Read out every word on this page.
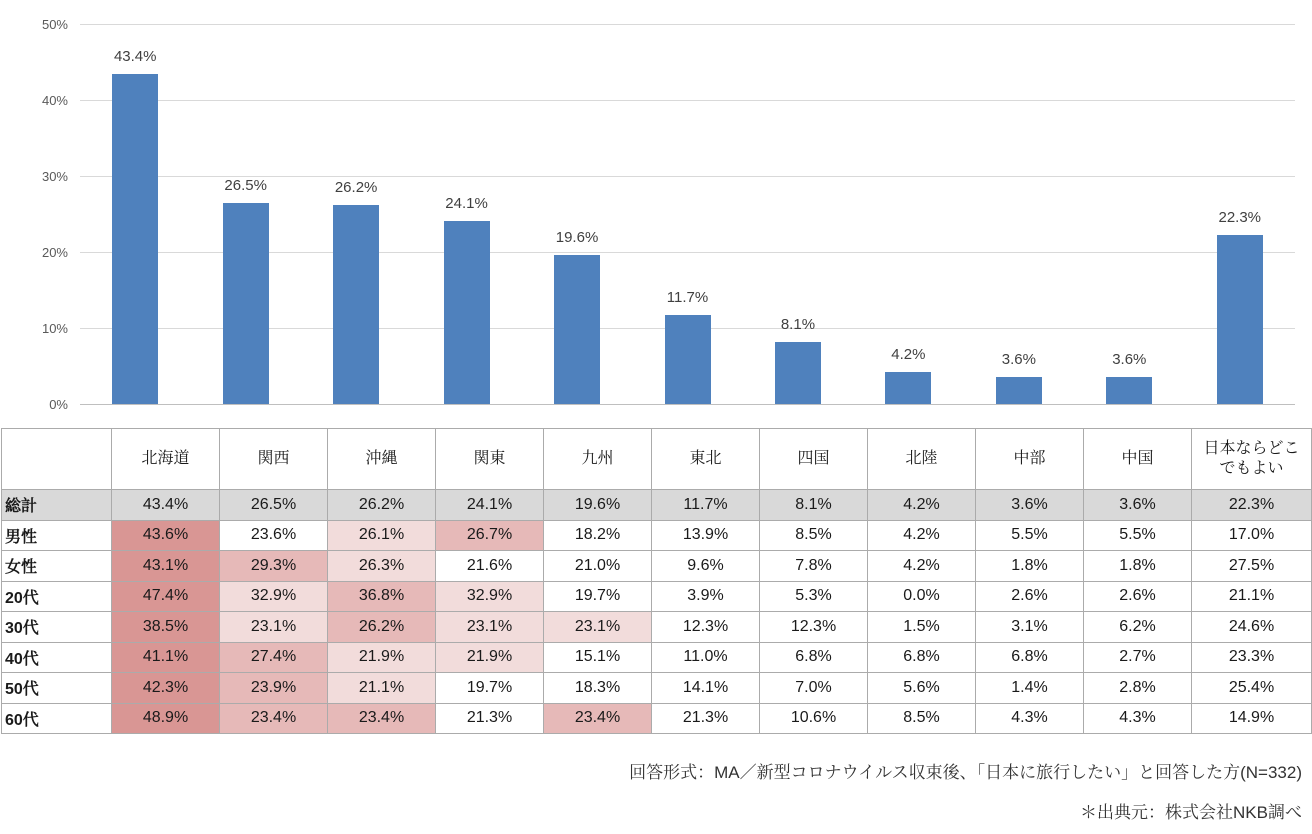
0%
10%
20%
30%
40%
50%
43.4%
26.5%	26.2%
24.1%
19.6%
11.7%
8.1%
4.2%	3.6%	3.6%
22.3%
	北海道	関西	沖縄	関東	九州	東北	四国	北陸	中部	中国	日本ならどこでもよい
総計	43.4%	26.5%	26.2%	24.1%	19.6%	11.7%	8.1%	4.2%	3.6%	3.6%	22.3%
男性	43.6%	23.6%	26.1%	26.7%	18.2%	13.9%	8.5%	4.2%	5.5%	5.5%	17.0%
女性	43.1%	29.3%	26.3%	21.6%	21.0%	9.6%	7.8%	4.2%	1.8%	1.8%	27.5%
20代	47.4%	32.9%	36.8%	32.9%	19.7%	3.9%	5.3%	0.0%	2.6%	2.6%	21.1%
30代	38.5%	23.1%	26.2%	23.1%	23.1%	12.3%	12.3%	1.5%	3.1%	6.2%	24.6%
40代	41.1%	27.4%	21.9%	21.9%	15.1%	11.0%	6.8%	6.8%	6.8%	2.7%	23.3%
50代	42.3%	23.9%	21.1%	19.7%	18.3%	14.1%	7.0%	5.6%	1.4%	2.8%	25.4%
60代	48.9%	23.4%	23.4%	21.3%	23.4%	21.3%	10.6%	8.5%	4.3%	4.3%	14.9%
回答形式：MA／新型コロナウイルス収束後、「日本に旅行したい」と回答した方(N=332)
＊出典元：株式会社NKB調べ
